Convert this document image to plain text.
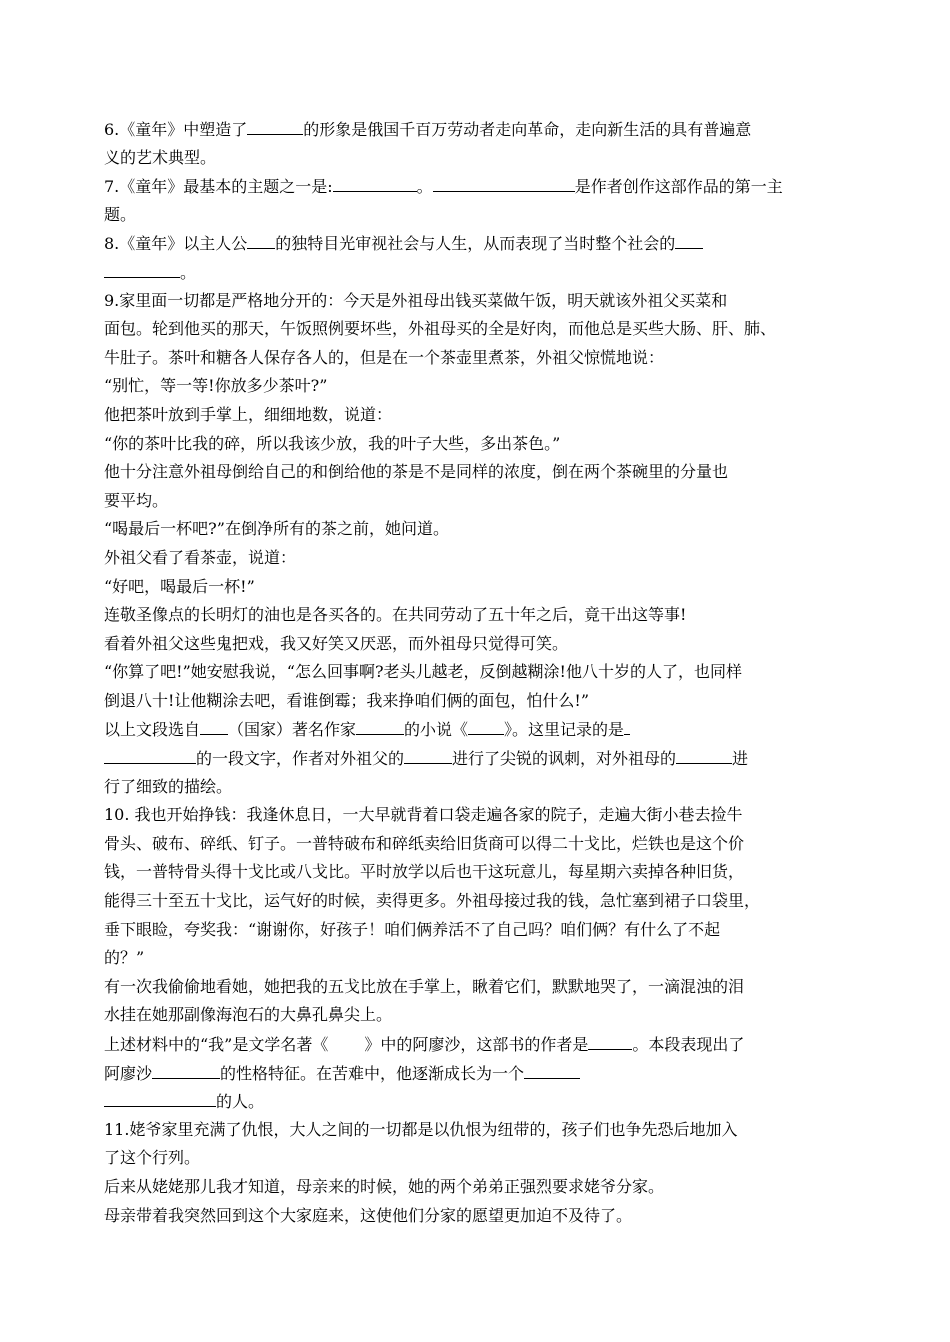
6.《童年》中塑造了	的形象是俄国千百万劳动者走向革命，走向新生活的具有普遍意
义的艺术典型。
7.《童年》最基本的主题之一是:	。	是作者创作这部作品的第一主
题。
8.《童年》以主人公 的独特目光审视社会与人生，从而表现了当时整个社会的
。
9.家里面一切都是严格地分开的：今天是外祖母出钱买菜做午饭，明天就该外祖父买菜和
面包。轮到他买的那天，午饭照例要坏些，外祖母买的全是好肉，而他总是买些大肠、肝、肺、
牛肚子。茶叶和糖各人保存各人的，但是在一个茶壶里煮茶，外祖父惊慌地说：
“别忙，等一等!你放多少茶叶?”
他把茶叶放到手掌上，细细地数，说道：
“你的茶叶比我的碎，所以我该少放，我的叶子大些，多出茶色。”
他十分注意外祖母倒给自己的和倒给他的茶是不是同样的浓度，倒在两个茶碗里的分量也
要平均。
“喝最后一杯吧?”在倒净所有的茶之前，她问道。
外祖父看了看茶壶，说道：
“好吧，喝最后一杯!”
连敬圣像点的长明灯的油也是各买各的。在共同劳动了五十年之后，竟干出这等事!
看着外祖父这些鬼把戏，我又好笑又厌恶，而外祖母只觉得可笑。
“你算了吧!”她安慰我说，“怎么回事啊?老头儿越老，反倒越糊涂!他八十岁的人了，也同样
倒退八十!让他糊涂去吧，看谁倒霉；我来挣咱们俩的面包，怕什么!”
以上文段选自 （国家）著名作家	的小说《 》。这里记录的是
的一段文字，作者对外祖父的	进行了尖锐的讽刺，对外祖母的	进
行了细致的描绘。
10. 我也开始挣钱：我逢休息日，一大早就背着口袋走遍各家的院子，走遍大街小巷去捡牛
骨头、破布、碎纸、钉子。一普特破布和碎纸卖给旧货商可以得二十戈比，烂铁也是这个价
钱，一普特骨头得十戈比或八戈比。平时放学以后也干这玩意儿，每星期六卖掉各种旧货，
能得三十至五十戈比，运气好的时候，卖得更多。外祖母接过我的钱，急忙塞到裙子口袋里，
垂下眼睑，夸奖我：“谢谢你，好孩子！咱们俩养活不了自己吗？咱们俩？有什么了不起
的？”
有一次我偷偷地看她，她把我的五戈比放在手掌上，瞅着它们，默默地哭了，一滴混浊的泪
水挂在她那副像海泡石的大鼻孔鼻尖上。
上述材料中的“我”是文学名著《 》中的阿廖沙，这部书的作者是	。本段表现出了
阿廖沙	的性格特征。在苦难中，他逐渐成长为一个
的人。
11.姥爷家里充满了仇恨，大人之间的一切都是以仇恨为纽带的，孩子们也争先恐后地加入
了这个行列。
后来从姥姥那儿我才知道，母亲来的时候，她的两个弟弟正强烈要求姥爷分家。
母亲带着我突然回到这个大家庭来，这使他们分家的愿望更加迫不及待了。
